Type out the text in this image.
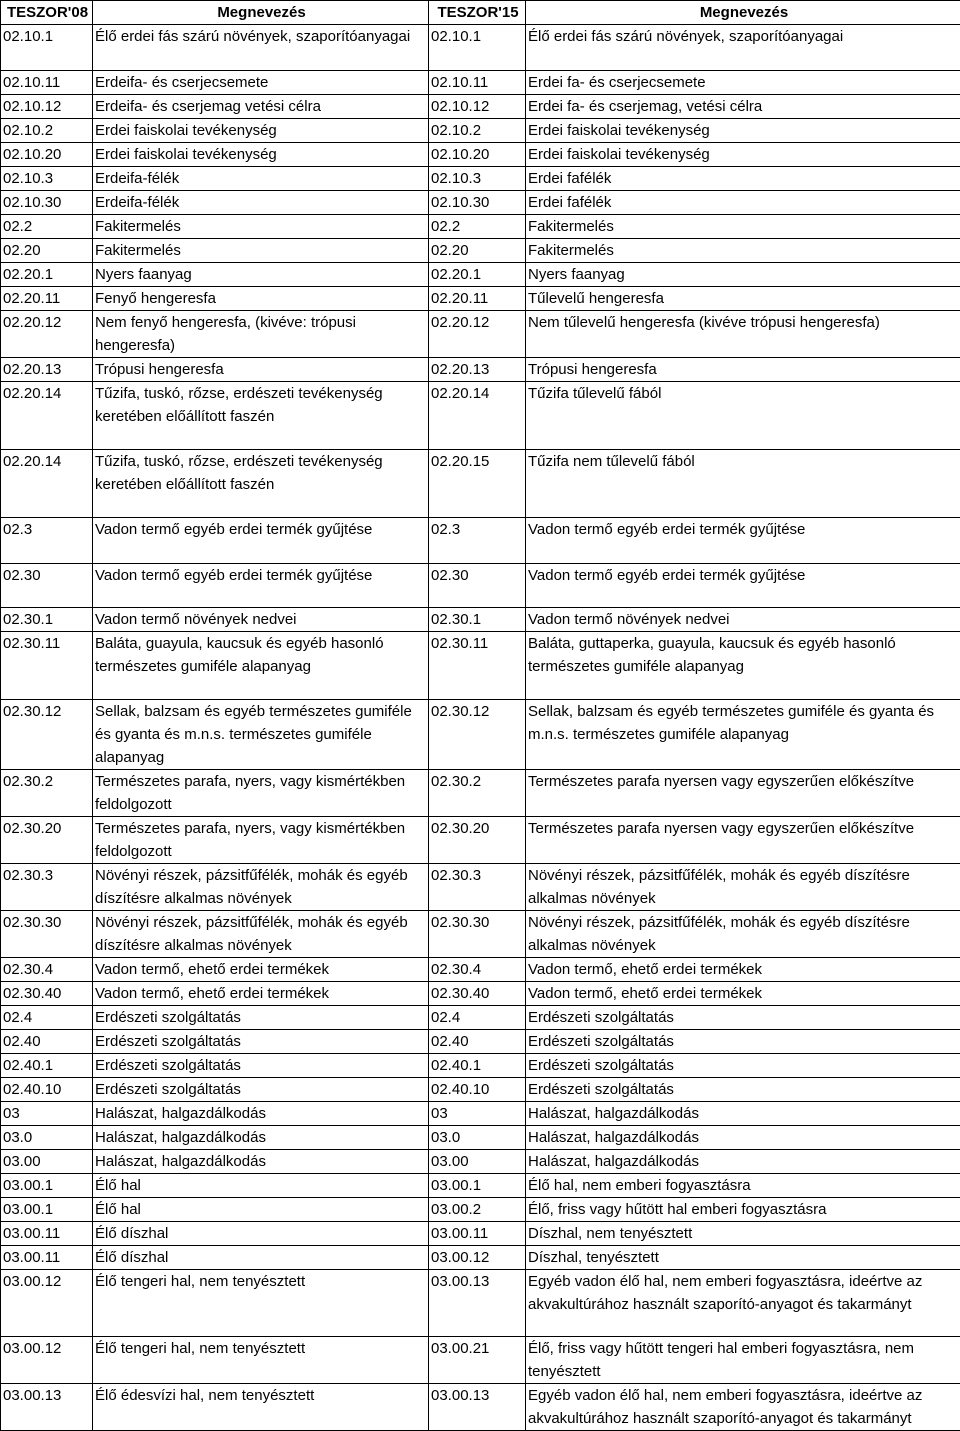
TESZOR'08	Megnevezés	TESZOR'15	Megnevezés
02.10.1	Élő erdei fás szárú növények, szaporítóanyagai	02.10.1	Élő erdei fás szárú növények, szaporítóanyagai
02.10.11	Erdeifa- és cserjecsemete	02.10.11	Erdei fa- és cserjecsemete
02.10.12	Erdeifa- és cserjemag vetési célra	02.10.12	Erdei fa- és cserjemag, vetési célra
02.10.2	Erdei faiskolai tevékenység	02.10.2	Erdei faiskolai tevékenység
02.10.20	Erdei faiskolai tevékenység	02.10.20	Erdei faiskolai tevékenység
02.10.3	Erdeifa-félék	02.10.3	Erdei fafélék
02.10.30	Erdeifa-félék	02.10.30	Erdei fafélék
02.2	Fakitermelés	02.2	Fakitermelés
02.20	Fakitermelés	02.20	Fakitermelés
02.20.1	Nyers faanyag	02.20.1	Nyers faanyag
02.20.11	Fenyő hengeresfa	02.20.11	Tűlevelű hengeresfa
02.20.12	Nem fenyő hengeresfa, (kivéve: trópusi hengeresfa)	02.20.12	Nem tűlevelű hengeresfa (kivéve trópusi hengeresfa)
02.20.13	Trópusi hengeresfa	02.20.13	Trópusi hengeresfa
02.20.14	Tűzifa, tuskó, rőzse, erdészeti tevékenység keretében előállított faszén	02.20.14	Tűzifa tűlevelű fából
02.20.14	Tűzifa, tuskó, rőzse, erdészeti tevékenység keretében előállított faszén	02.20.15	Tűzifa nem tűlevelű fából
02.3	Vadon termő egyéb erdei termék gyűjtése	02.3	Vadon termő egyéb erdei termék gyűjtése
02.30	Vadon termő egyéb erdei termék gyűjtése	02.30	Vadon termő egyéb erdei termék gyűjtése
02.30.1	Vadon termő növények nedvei	02.30.1	Vadon termő növények nedvei
02.30.11	Baláta, guayula, kaucsuk és egyéb hasonló természetes gumiféle alapanyag	02.30.11	Baláta, guttaperka, guayula, kaucsuk és egyéb hasonló természetes gumiféle alapanyag
02.30.12	Sellak, balzsam és egyéb természetes gumiféle és gyanta és m.n.s. természetes gumiféle alapanyag	02.30.12	Sellak, balzsam és egyéb természetes gumiféle és gyanta és m.n.s. természetes gumiféle alapanyag
02.30.2	Természetes parafa, nyers, vagy kismértékben feldolgozott	02.30.2	Természetes parafa nyersen vagy egyszerűen előkészítve
02.30.20	Természetes parafa, nyers, vagy kismértékben feldolgozott	02.30.20	Természetes parafa nyersen vagy egyszerűen előkészítve
02.30.3	Növényi részek, pázsitfűfélék, mohák és egyéb díszítésre alkalmas növények	02.30.3	Növényi részek, pázsitfűfélék, mohák és egyéb díszítésre alkalmas növények
02.30.30	Növényi részek, pázsitfűfélék, mohák és egyéb díszítésre alkalmas növények	02.30.30	Növényi részek, pázsitfűfélék, mohák és egyéb díszítésre alkalmas növények
02.30.4	Vadon termő, ehető erdei termékek	02.30.4	Vadon termő, ehető erdei termékek
02.30.40	Vadon termő, ehető erdei termékek	02.30.40	Vadon termő, ehető erdei termékek
02.4	Erdészeti szolgáltatás	02.4	Erdészeti szolgáltatás
02.40	Erdészeti szolgáltatás	02.40	Erdészeti szolgáltatás
02.40.1	Erdészeti szolgáltatás	02.40.1	Erdészeti szolgáltatás
02.40.10	Erdészeti szolgáltatás	02.40.10	Erdészeti szolgáltatás
03	Halászat, halgazdálkodás	03	Halászat, halgazdálkodás
03.0	Halászat, halgazdálkodás	03.0	Halászat, halgazdálkodás
03.00	Halászat, halgazdálkodás	03.00	Halászat, halgazdálkodás
03.00.1	Élő hal	03.00.1	Élő hal, nem emberi fogyasztásra
03.00.1	Élő hal	03.00.2	Élő, friss vagy hűtött hal emberi fogyasztásra
03.00.11	Élő díszhal	03.00.11	Díszhal, nem tenyésztett
03.00.11	Élő díszhal	03.00.12	Díszhal, tenyésztett
03.00.12	Élő tengeri hal, nem tenyésztett	03.00.13	Egyéb vadon élő hal, nem emberi fogyasztásra, ideértve az akvakultúrához használt szaporító-anyagot és takarmányt
03.00.12	Élő tengeri hal, nem tenyésztett	03.00.21	Élő, friss vagy hűtött tengeri hal emberi fogyasztásra, nem tenyésztett
03.00.13	Élő édesvízi hal, nem tenyésztett	03.00.13	Egyéb vadon élő hal, nem emberi fogyasztásra, ideértve az akvakultúrához használt szaporító-anyagot és takarmányt
